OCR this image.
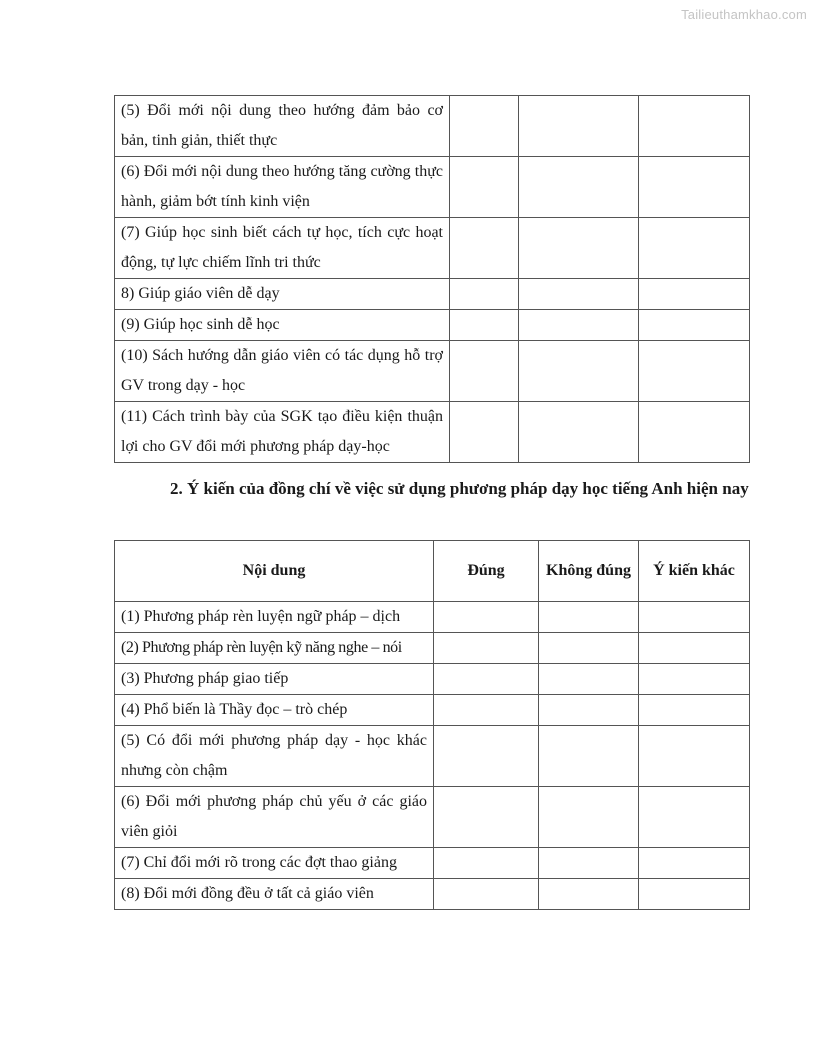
Tailieuthamkhao.com
(5) Đổi mới nội dung theo hướng đảm bảo cơ bản, tinh giản, thiết thực			
(6) Đổi mới nội dung theo hướng tăng cường thực hành, giảm bớt tính kinh viện			
(7) Giúp học sinh biết cách tự học, tích cực hoạt động, tự lực chiếm lĩnh tri thức			
8) Giúp giáo viên dễ dạy			
(9) Giúp học sinh dễ học			
(10) Sách hướng dẫn giáo viên có tác dụng hỗ trợ GV trong dạy - học			
(11) Cách trình bày của SGK tạo điều kiện thuận lợi cho GV đổi mới phương pháp dạy-học			

2. Ý kiến của đồng chí về việc sử dụng phương pháp dạy học tiếng Anh hiện nay

Nội dung	Đúng	Không đúng	Ý kiến khác
(1) Phương pháp rèn luyện ngữ pháp – dịch			
(2) Phương pháp rèn luyện kỹ năng nghe – nói			
(3) Phương pháp giao tiếp			
(4) Phổ biến là Thầy đọc – trò chép			
(5) Có đổi mới phương pháp dạy - học khác nhưng còn chậm			
(6) Đổi mới phương pháp chủ yếu ở các giáo viên giỏi			
(7) Chỉ đổi mới rõ trong các đợt thao giảng			
(8) Đổi mới đồng đều ở tất cả giáo viên			
